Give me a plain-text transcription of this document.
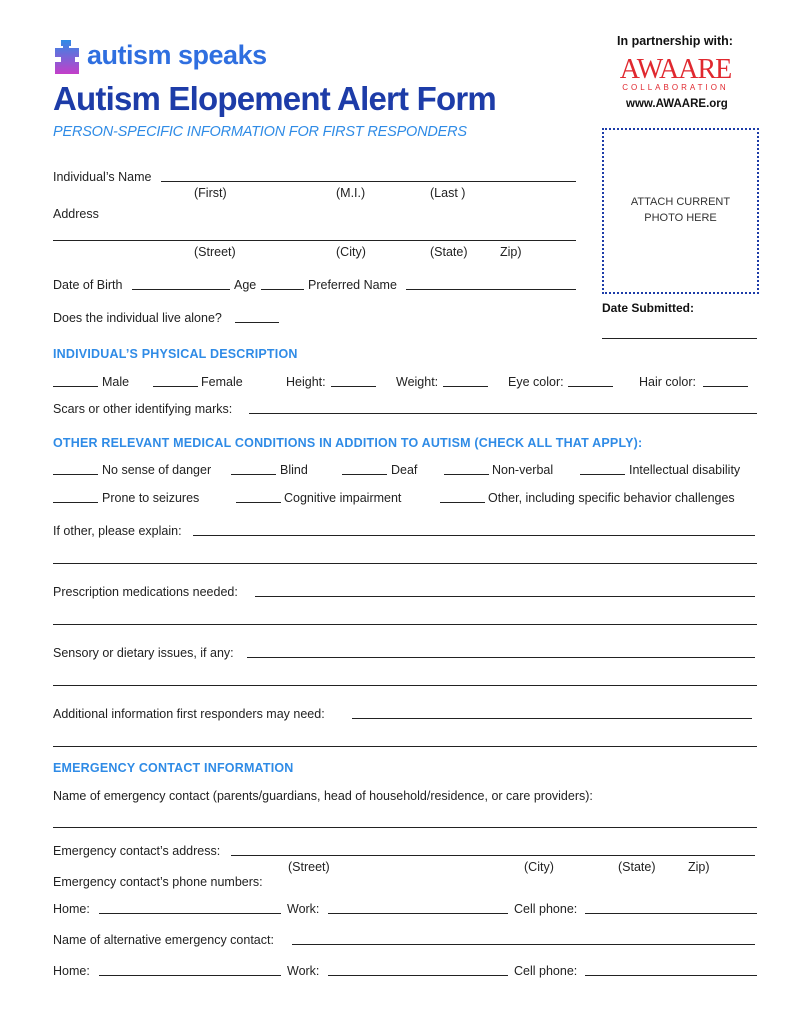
autism speaks
Autism Elopement Alert Form
PERSON-SPECIFIC INFORMATION FOR FIRST RESPONDERS
In partnership with:
AWAARE
COLLABORATION
www.AWAARE.org
ATTACH CURRENT
PHOTO HERE
Date Submitted:
Individual’s Name
(First)	(M.I.)	(Last )
Address
(Street)	(City)	(State)	Zip)
Date of Birth	Age	Preferred Name
Does the individual live alone?
INDIVIDUAL’S PHYSICAL DESCRIPTION
Male	Female	Height:	Weight:	Eye color:	Hair color:
Scars or other identifying marks:
OTHER RELEVANT MEDICAL CONDITIONS IN ADDITION TO AUTISM (CHECK ALL THAT APPLY):
No sense of danger	Blind	Deaf	Non-verbal	Intellectual disability
Prone to seizures	Cognitive impairment	Other, including specific behavior challenges
If other, please explain:
Prescription medications needed:
Sensory or dietary issues, if any:
Additional information first responders may need:
EMERGENCY CONTACT INFORMATION
Name of emergency contact (parents/guardians, head of household/residence, or care providers):
Emergency contact’s address:
(Street)	(City)	(State)	Zip)
Emergency contact’s phone numbers:
Home:	Work:	Cell phone:
Name of alternative emergency contact:
Home:	Work:	Cell phone:
